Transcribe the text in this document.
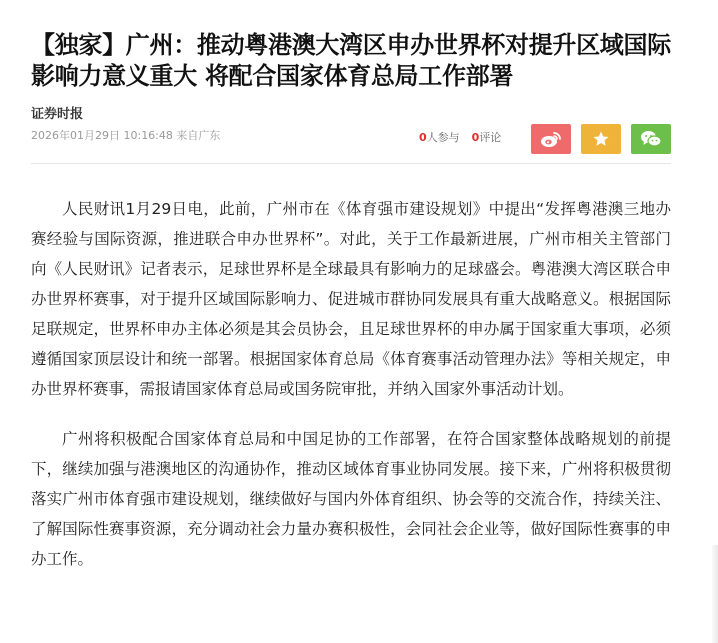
【独家】广州：推动粤港澳大湾区申办世界杯对提升区域国际影响力意义重大 将配合国家体育总局工作部署
证券时报
2026年01月29日 10:16:48 来自广东	0人参与 0评论

人民财讯1月29日电，此前，广州市在《体育强市建设规划》中提出“发挥粤港澳三地办赛经验与国际资源，推进联合申办世界杯”。对此，关于工作最新进展，广州市相关主管部门向《人民财讯》记者表示，足球世界杯是全球最具有影响力的足球盛会。粤港澳大湾区联合申办世界杯赛事，对于提升区域国际影响力、促进城市群协同发展具有重大战略意义。根据国际足联规定，世界杯申办主体必须是其会员协会，且足球世界杯的申办属于国家重大事项，必须遵循国家顶层设计和统一部署。根据国家体育总局《体育赛事活动管理办法》等相关规定，申办世界杯赛事，需报请国家体育总局或国务院审批，并纳入国家外事活动计划。

广州将积极配合国家体育总局和中国足协的工作部署，在符合国家整体战略规划的前提下，继续加强与港澳地区的沟通协作，推动区域体育事业协同发展。接下来，广州将积极贯彻落实广州市体育强市建设规划，继续做好与国内外体育组织、协会等的交流合作，持续关注、了解国际性赛事资源，充分调动社会力量办赛积极性，会同社会企业等，做好国际性赛事的申办工作。
